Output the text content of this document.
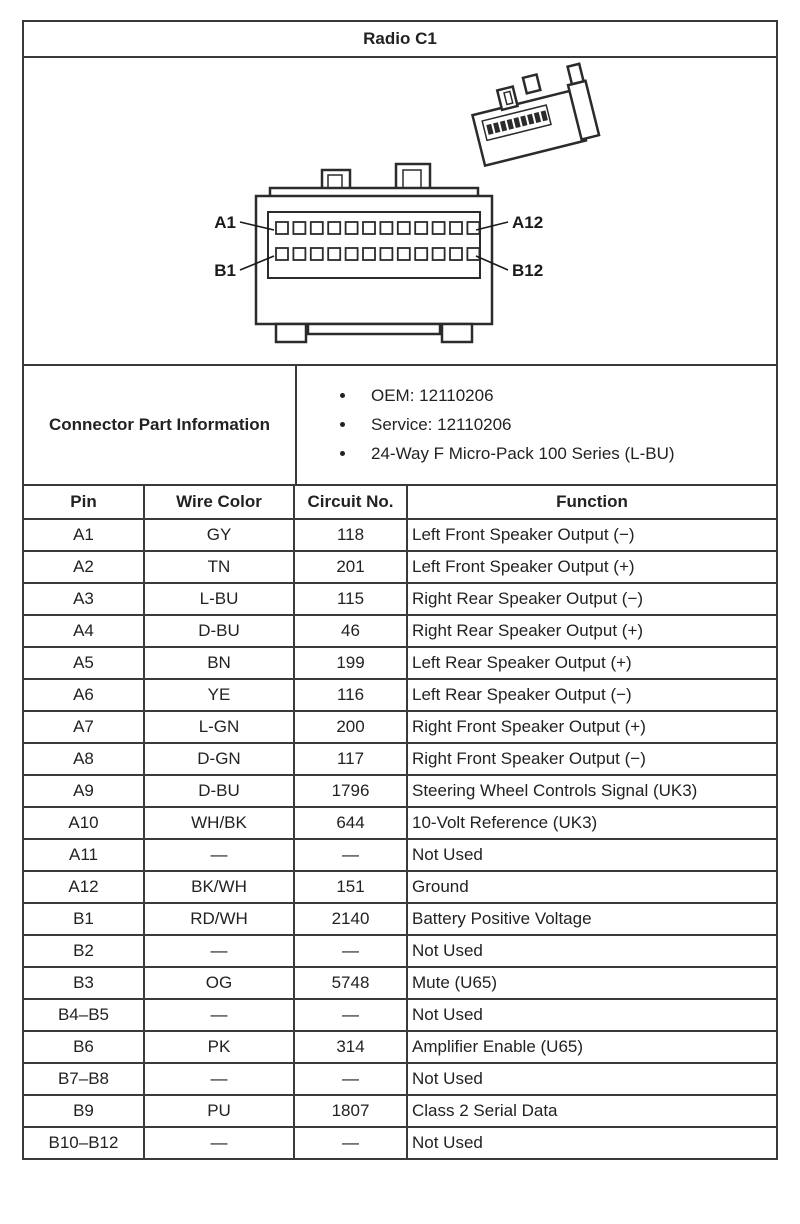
Radio C1
A1	A12
B1	B12
Connector Part Information
• OEM: 12110206
• Service: 12110206
• 24-Way F Micro-Pack 100 Series (L-BU)
Pin	Wire Color	Circuit No.	Function
A1	GY	118	Left Front Speaker Output (−)
A2	TN	201	Left Front Speaker Output (+)
A3	L-BU	115	Right Rear Speaker Output (−)
A4	D-BU	46	Right Rear Speaker Output (+)
A5	BN	199	Left Rear Speaker Output (+)
A6	YE	116	Left Rear Speaker Output (−)
A7	L-GN	200	Right Front Speaker Output (+)
A8	D-GN	117	Right Front Speaker Output (−)
A9	D-BU	1796	Steering Wheel Controls Signal (UK3)
A10	WH/BK	644	10-Volt Reference (UK3)
A11	—	—	Not Used
A12	BK/WH	151	Ground
B1	RD/WH	2140	Battery Positive Voltage
B2	—	—	Not Used
B3	OG	5748	Mute (U65)
B4–B5	—	—	Not Used
B6	PK	314	Amplifier Enable (U65)
B7–B8	—	—	Not Used
B9	PU	1807	Class 2 Serial Data
B10–B12	—	—	Not Used
